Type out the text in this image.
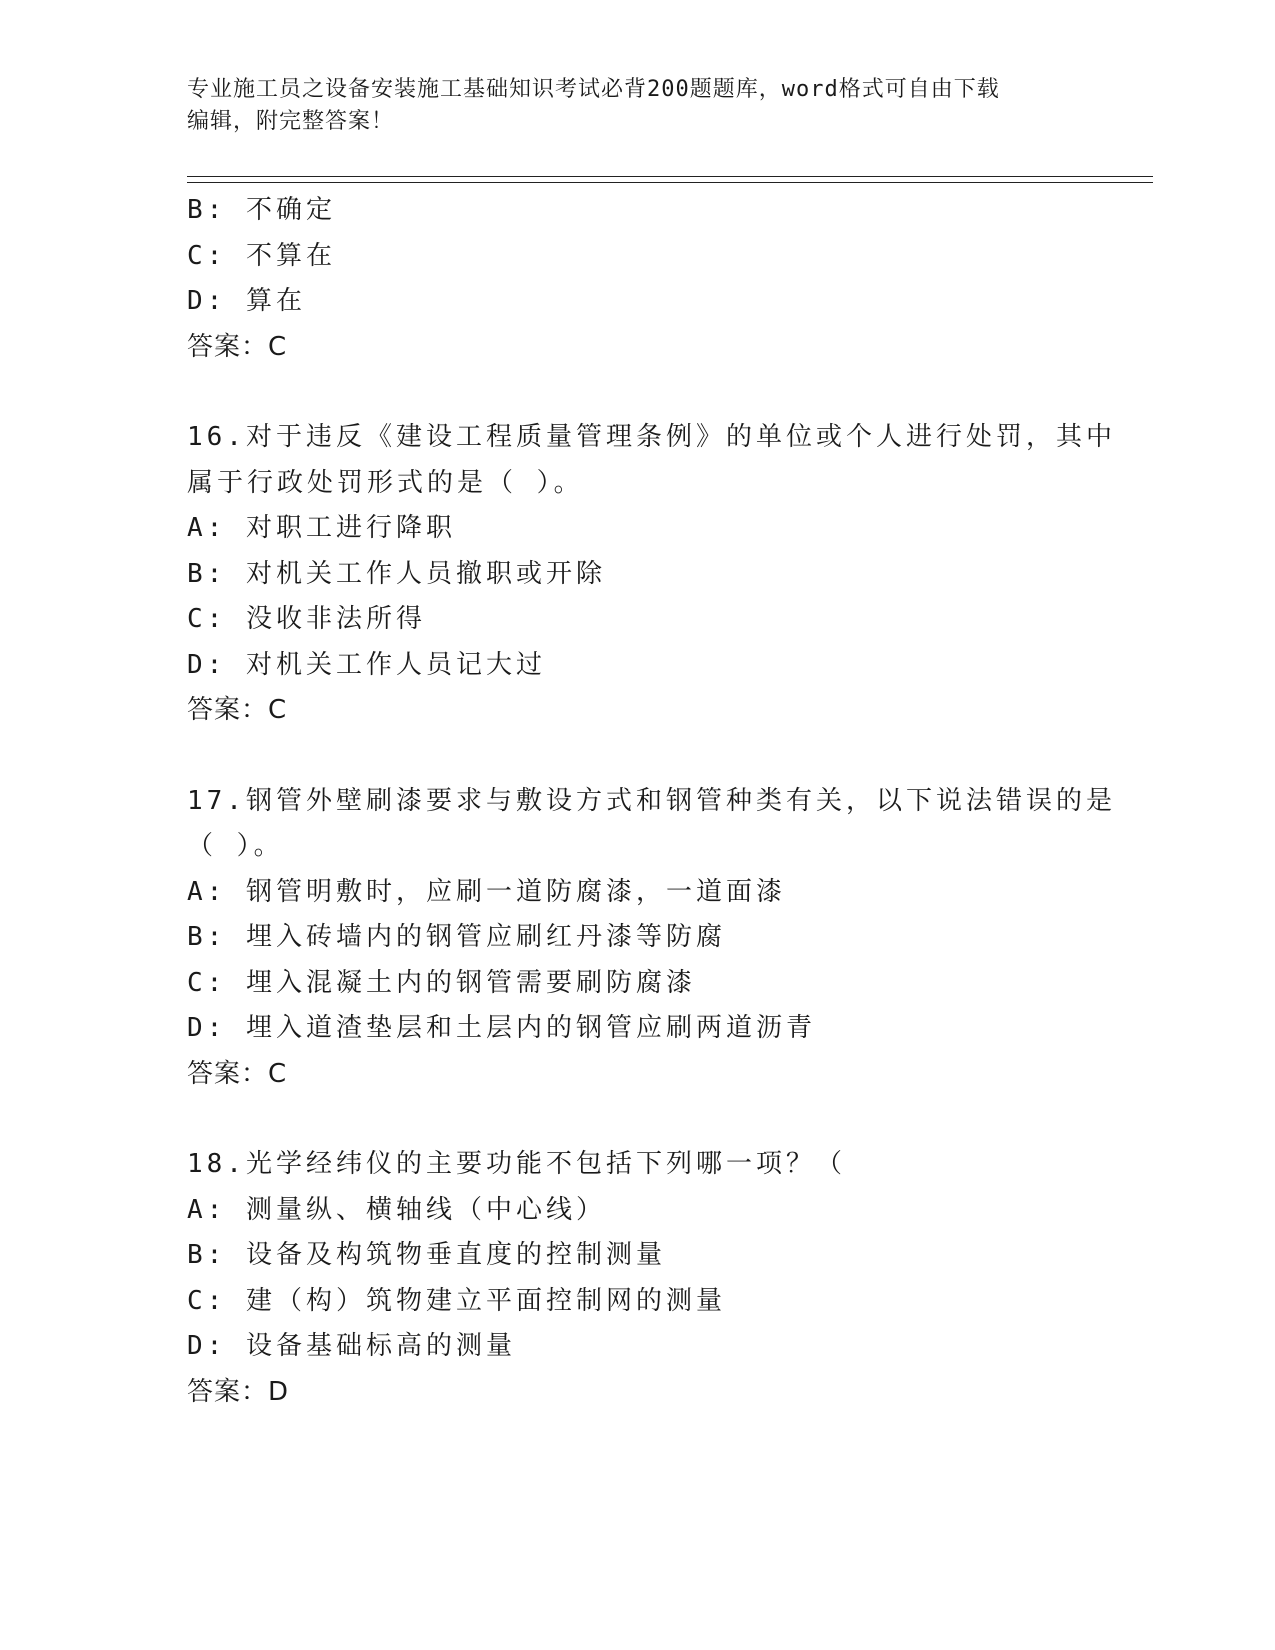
专业施工员之设备安装施工基础知识考试必背200题题库，word格式可自由下载
编辑，附完整答案！
B: 不确定
C: 不算在
D: 算在
答案：C
16.对于违反《建设工程质量管理条例》的单位或个人进行处罚，其中
属于行政处罚形式的是（ ）。
A: 对职工进行降职
B: 对机关工作人员撤职或开除
C: 没收非法所得
D: 对机关工作人员记大过
答案：C
17.钢管外壁刷漆要求与敷设方式和钢管种类有关，以下说法错误的是
（ ）。
A: 钢管明敷时，应刷一道防腐漆，一道面漆
B: 埋入砖墙内的钢管应刷红丹漆等防腐
C: 埋入混凝土内的钢管需要刷防腐漆
D: 埋入道渣垫层和土层内的钢管应刷两道沥青
答案：C
18.光学经纬仪的主要功能不包括下列哪一项？（
A: 测量纵、横轴线（中心线）
B: 设备及构筑物垂直度的控制测量
C: 建（构）筑物建立平面控制网的测量
D: 设备基础标高的测量
答案：D
